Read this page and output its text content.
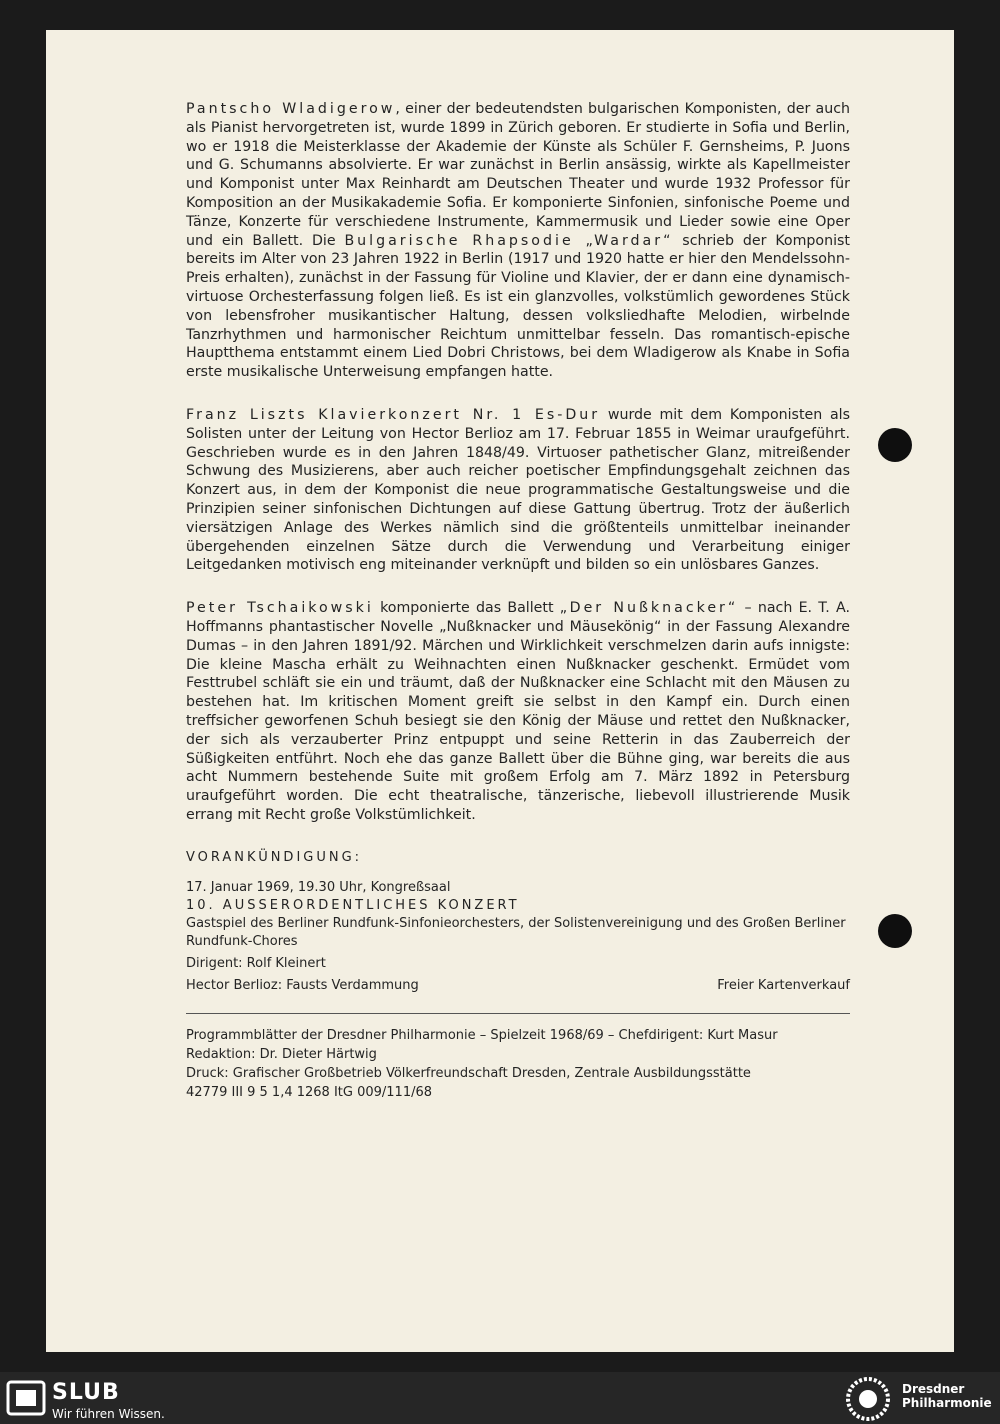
Pantscho Wladigerow, einer der bedeutendsten bulgarischen Komponisten, der auch als Pianist hervorgetreten ist, wurde 1899 in Zürich geboren. Er studierte in Sofia und Berlin, wo er 1918 die Meisterklasse der Akademie der Künste als Schüler F. Gernsheims, P. Juons und G. Schumanns absolvierte. Er war zunächst in Berlin ansässig, wirkte als Kapellmeister und Komponist unter Max Reinhardt am Deutschen Theater und wurde 1932 Professor für Komposition an der Musikakademie Sofia. Er komponierte Sinfonien, sinfonische Poeme und Tänze, Konzerte für verschiedene Instrumente, Kammermusik und Lieder sowie eine Oper und ein Ballett. Die Bulgarische Rhapsodie „Wardar“ schrieb der Komponist bereits im Alter von 23 Jahren 1922 in Berlin (1917 und 1920 hatte er hier den Mendelssohn-Preis erhalten), zunächst in der Fassung für Violine und Klavier, der er dann eine dynamisch-virtuose Orchesterfassung folgen ließ. Es ist ein glanzvolles, volkstümlich gewordenes Stück von lebensfroher musikantischer Haltung, dessen volksliedhafte Melodien, wirbelnde Tanzrhythmen und harmonischer Reichtum unmittelbar fesseln. Das romantisch-epische Hauptthema entstammt einem Lied Dobri Christows, bei dem Wladigerow als Knabe in Sofia erste musikalische Unterweisung empfangen hatte.

Franz Liszts Klavierkonzert Nr. 1 Es-Dur wurde mit dem Komponisten als Solisten unter der Leitung von Hector Berlioz am 17. Februar 1855 in Weimar uraufgeführt. Geschrieben wurde es in den Jahren 1848/49. Virtuoser pathetischer Glanz, mitreißender Schwung des Musizierens, aber auch reicher poetischer Empfindungsgehalt zeichnen das Konzert aus, in dem der Komponist die neue programmatische Gestaltungsweise und die Prinzipien seiner sinfonischen Dichtungen auf diese Gattung übertrug. Trotz der äußerlich viersätzigen Anlage des Werkes nämlich sind die größtenteils unmittelbar ineinander übergehenden einzelnen Sätze durch die Verwendung und Verarbeitung einiger Leitgedanken motivisch eng miteinander verknüpft und bilden so ein unlösbares Ganzes.

Peter Tschaikowski komponierte das Ballett „Der Nußknacker“ – nach E. T. A. Hoffmanns phantastischer Novelle „Nußknacker und Mäusekönig“ in der Fassung Alexandre Dumas – in den Jahren 1891/92. Märchen und Wirklichkeit verschmelzen darin aufs innigste: Die kleine Mascha erhält zu Weihnachten einen Nußknacker geschenkt. Ermüdet vom Festtrubel schläft sie ein und träumt, daß der Nußknacker eine Schlacht mit den Mäusen zu bestehen hat. Im kritischen Moment greift sie selbst in den Kampf ein. Durch einen treffsicher geworfenen Schuh besiegt sie den König der Mäuse und rettet den Nußknacker, der sich als verzauberter Prinz entpuppt und seine Retterin in das Zauberreich der Süßigkeiten entführt. Noch ehe das ganze Ballett über die Bühne ging, war bereits die aus acht Nummern bestehende Suite mit großem Erfolg am 7. März 1892 in Petersburg uraufgeführt worden. Die echt theatralische, tänzerische, liebevoll illustrierende Musik errang mit Recht große Volkstümlichkeit.

VORANKÜNDIGUNG:

17. Januar 1969, 19.30 Uhr, Kongreßsaal

10. AUSSERORDENTLICHES KONZERT

Gastspiel des Berliner Rundfunk-Sinfonieorchesters, der Solistenvereinigung und des Großen Berliner Rundfunk-Chores

Dirigent: Rolf Kleinert

Hector Berlioz: Fausts Verdammung	Freier Kartenverkauf
Programmblätter der Dresdner Philharmonie – Spielzeit 1968/69 – Chefdirigent: Kurt Masur
Redaktion: Dr. Dieter Härtwig
Druck: Grafischer Großbetrieb Völkerfreundschaft Dresden, Zentrale Ausbildungsstätte
42779 III 9 5 1,4 1268 ItG 009/111/68
SLUB
Wir führen Wissen.
Dresdner
Philharmonie
